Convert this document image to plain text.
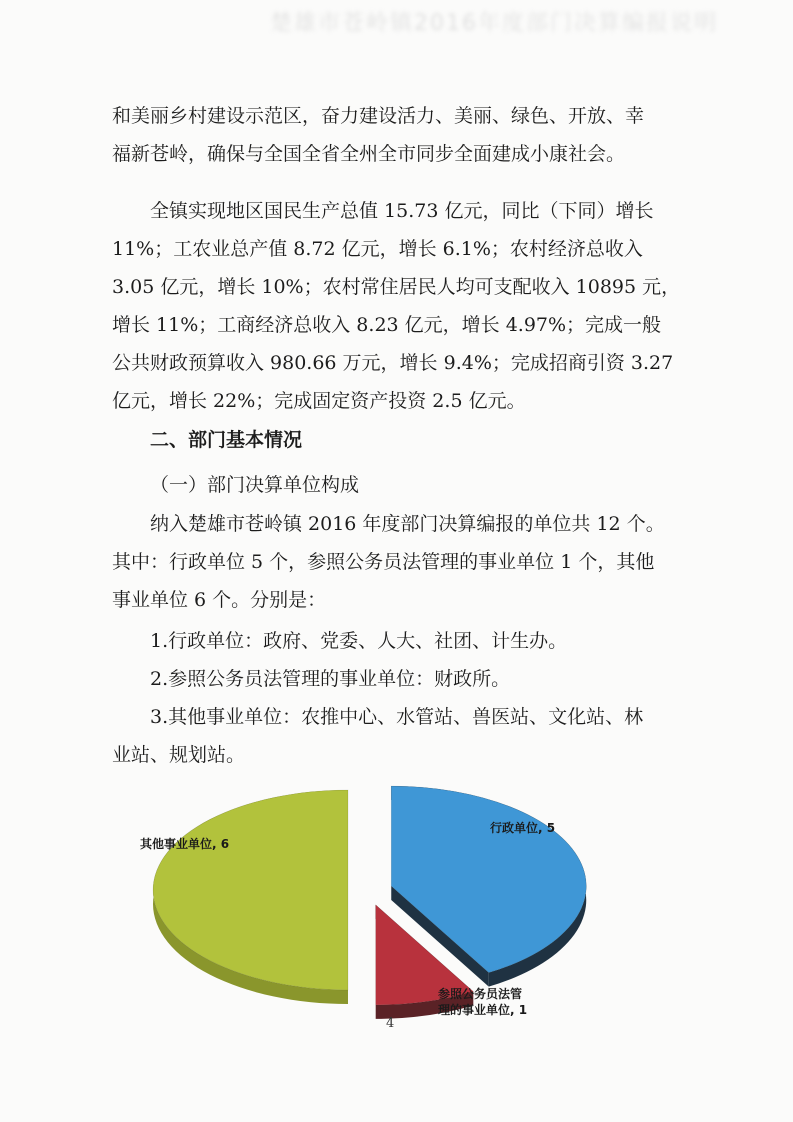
楚雄市苍岭镇2016年度部门决算编报说明
和美丽乡村建设示范区，奋力建设活力、美丽、绿色、开放、幸
福新苍岭，确保与全国全省全州全市同步全面建成小康社会。
全镇实现地区国民生产总值 15.73 亿元，同比（下同）增长
11%；工农业总产值 8.72 亿元，增长 6.1%；农村经济总收入
3.05 亿元，增长 10%；农村常住居民人均可支配收入 10895 元，
增长 11%；工商经济总收入 8.23 亿元，增长 4.97%；完成一般
公共财政预算收入 980.66 万元，增长 9.4%；完成招商引资 3.27
亿元，增长 22%；完成固定资产投资 2.5 亿元。
二、部门基本情况
（一）部门决算单位构成
纳入楚雄市苍岭镇 2016 年度部门决算编报的单位共 12 个。
其中：行政单位 5 个，参照公务员法管理的事业单位 1 个，其他
事业单位 6 个。分别是：
1.行政单位：政府、党委、人大、社团、计生办。
2.参照公务员法管理的事业单位：财政所。
3.其他事业单位：农推中心、水管站、兽医站、文化站、林
业站、规划站。
行政单位, 5
参照公务员法管理的事业单位, 1
其他事业单位, 6
4
